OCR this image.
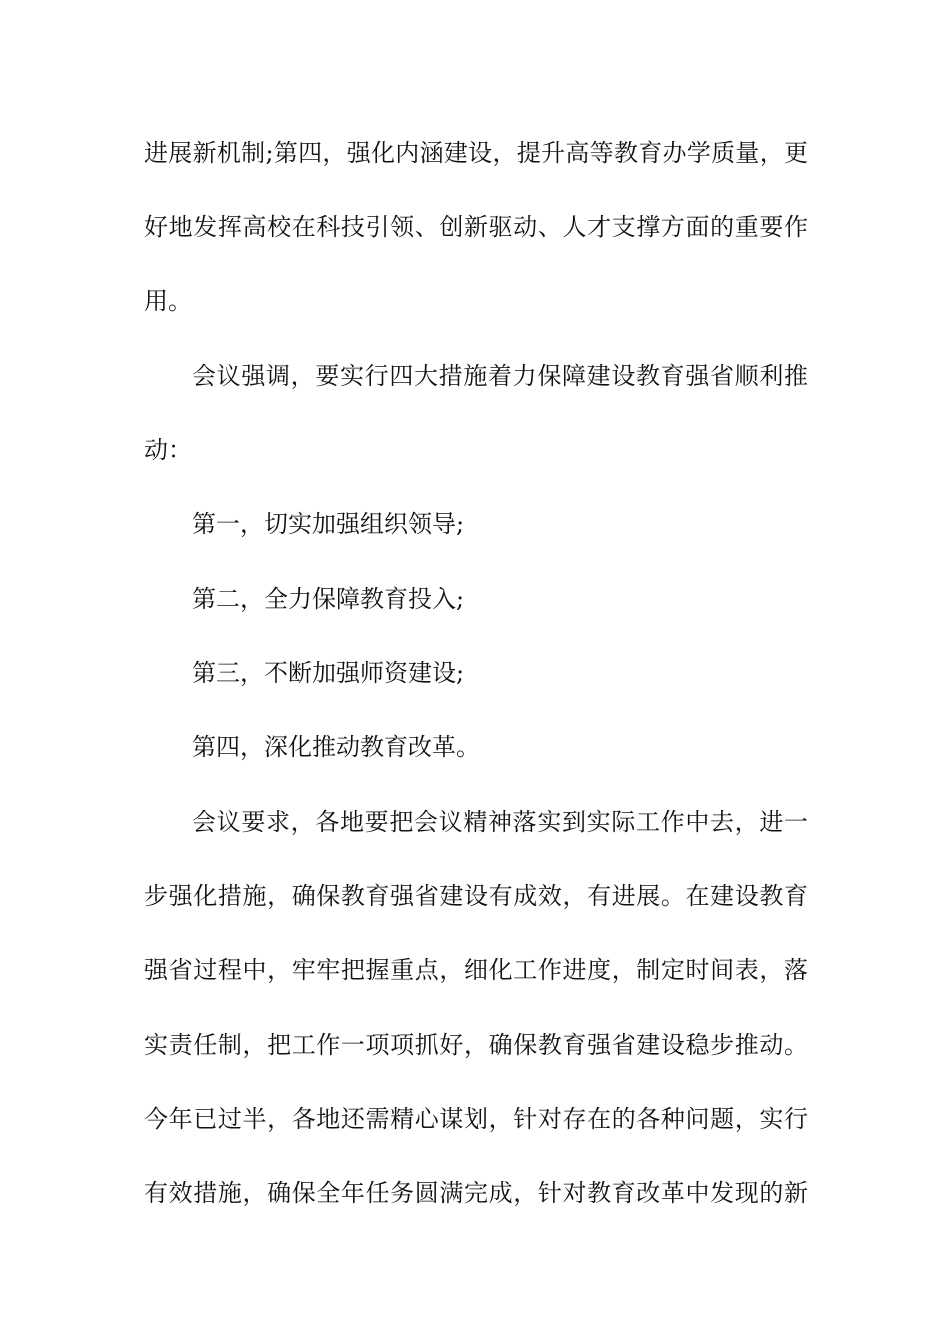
进展新机制;第四，强化内涵建设，提升高等教育办学质量，更
好地发挥高校在科技引领、创新驱动、人才支撑方面的重要作
用。
会议强调，要实行四大措施着力保障建设教育强省顺利推
动：
第一，切实加强组织领导;
第二，全力保障教育投入;
第三，不断加强师资建设;
第四，深化推动教育改革。
会议要求，各地要把会议精神落实到实际工作中去，进一
步强化措施，确保教育强省建设有成效，有进展。在建设教育
强省过程中，牢牢把握重点，细化工作进度，制定时间表，落
实责任制，把工作一项项抓好，确保教育强省建设稳步推动。
今年已过半，各地还需精心谋划，针对存在的各种问题，实行
有效措施，确保全年任务圆满完成，针对教育改革中发现的新
